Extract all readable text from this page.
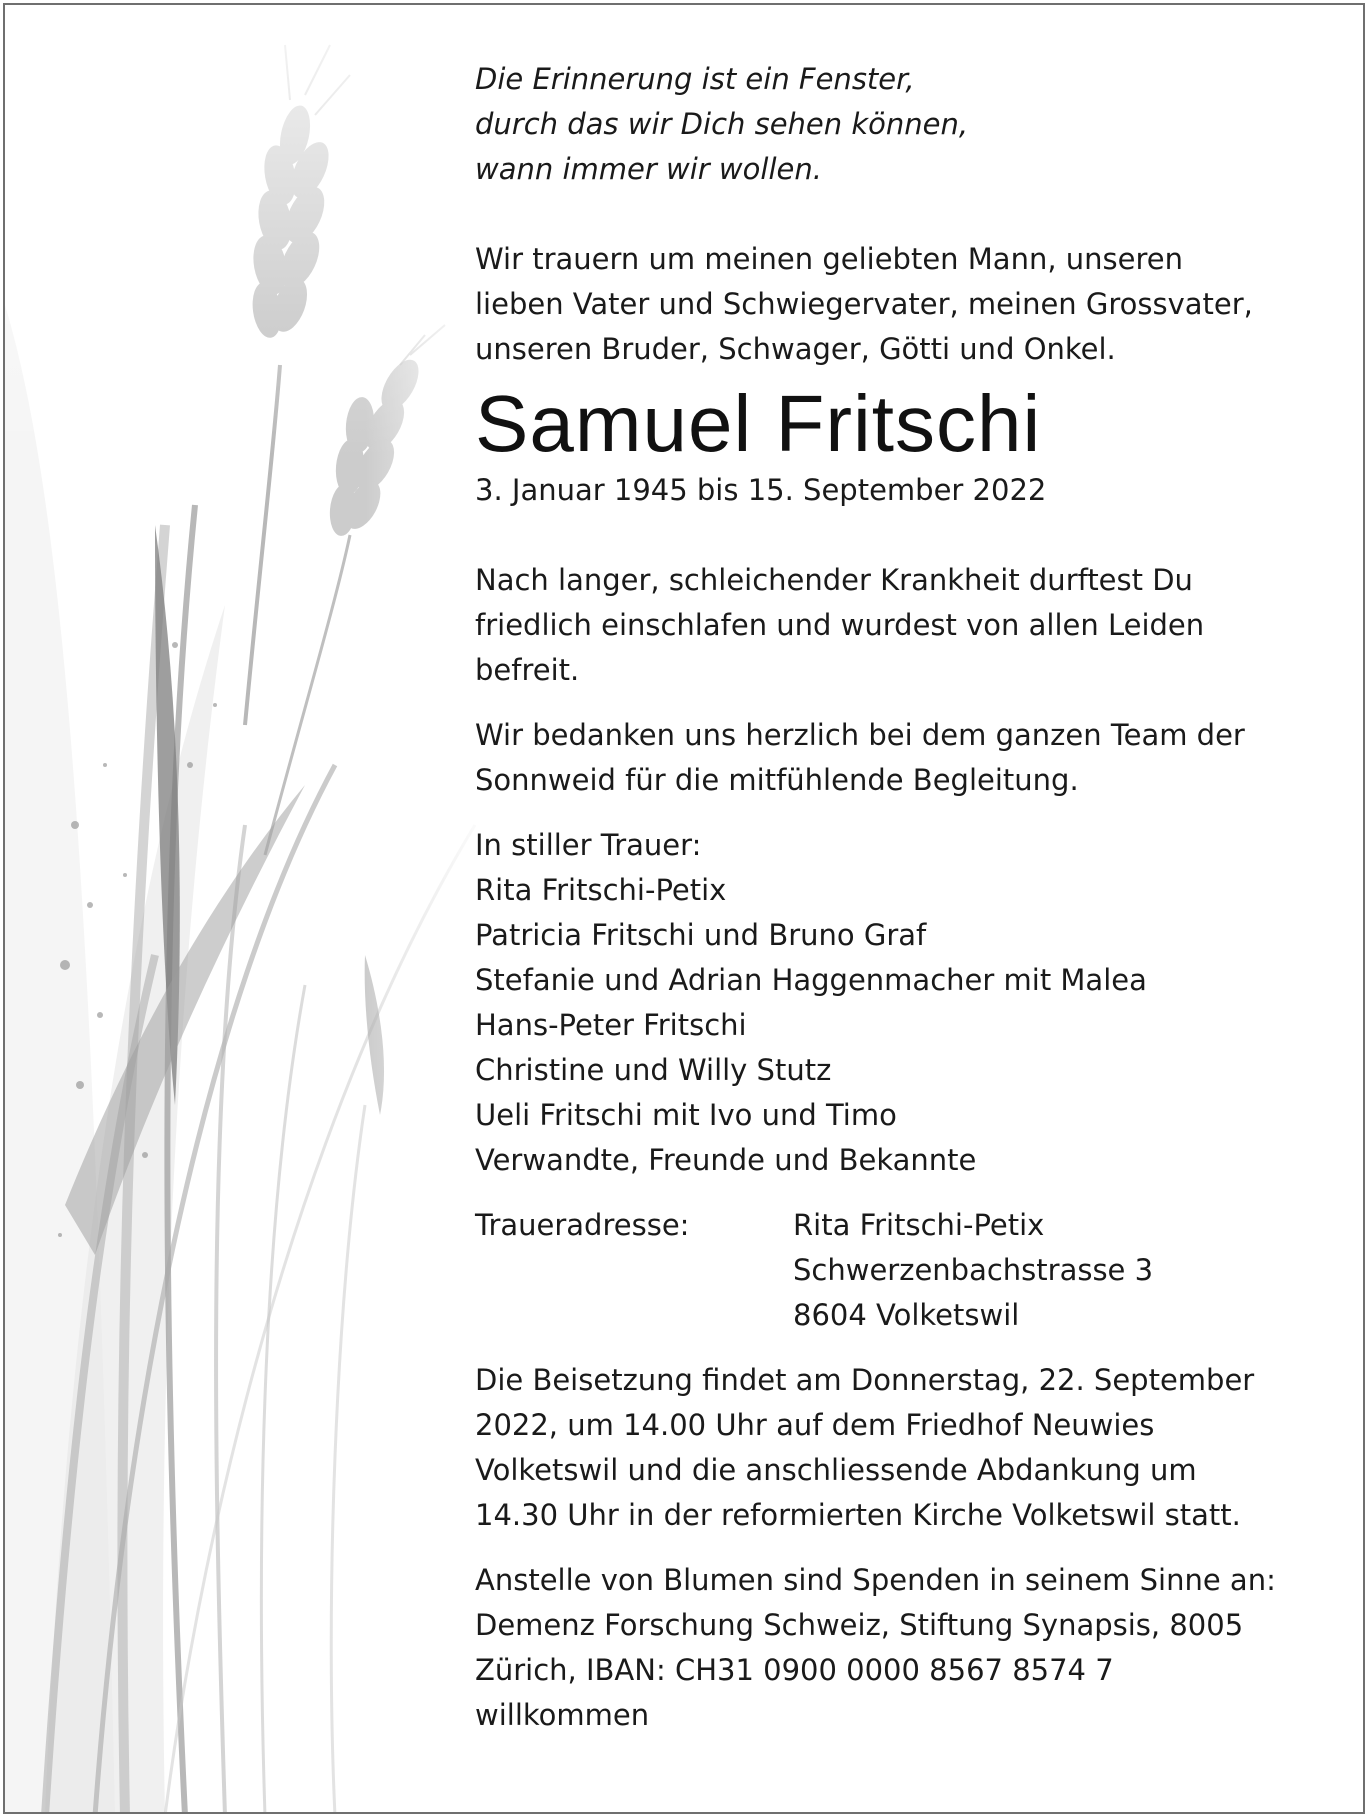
Die Erinnerung ist ein Fenster,
durch das wir Dich sehen können,
wann immer wir wollen.
Wir trauern um meinen geliebten Mann, unseren
lieben Vater und Schwiegervater, meinen Grossvater,
unseren Bruder, Schwager, Götti und Onkel.
Samuel Fritschi
3. Januar 1945 bis 15. September 2022
Nach langer, schleichender Krankheit durftest Du
friedlich einschlafen und wurdest von allen Leiden
befreit.
Wir bedanken uns herzlich bei dem ganzen Team der
Sonnweid für die mitfühlende Begleitung.
In stiller Trauer:
Rita Fritschi-Petix
Patricia Fritschi und Bruno Graf
Stefanie und Adrian Haggenmacher mit Malea
Hans-Peter Fritschi
Christine und Willy Stutz
Ueli Fritschi mit Ivo und Timo
Verwandte, Freunde und Bekannte
Traueradresse:	Rita Fritschi-Petix
Schwerzenbachstrasse 3
8604 Volketswil
Die Beisetzung findet am Donnerstag, 22. September
2022, um 14.00 Uhr auf dem Friedhof Neuwies
Volketswil und die anschliessende Abdankung um
14.30 Uhr in der reformierten Kirche Volketswil statt.
Anstelle von Blumen sind Spenden in seinem Sinne an:
Demenz Forschung Schweiz, Stiftung Synapsis, 8005
Zürich, IBAN: CH31 0900 0000 8567 8574 7
willkommen
